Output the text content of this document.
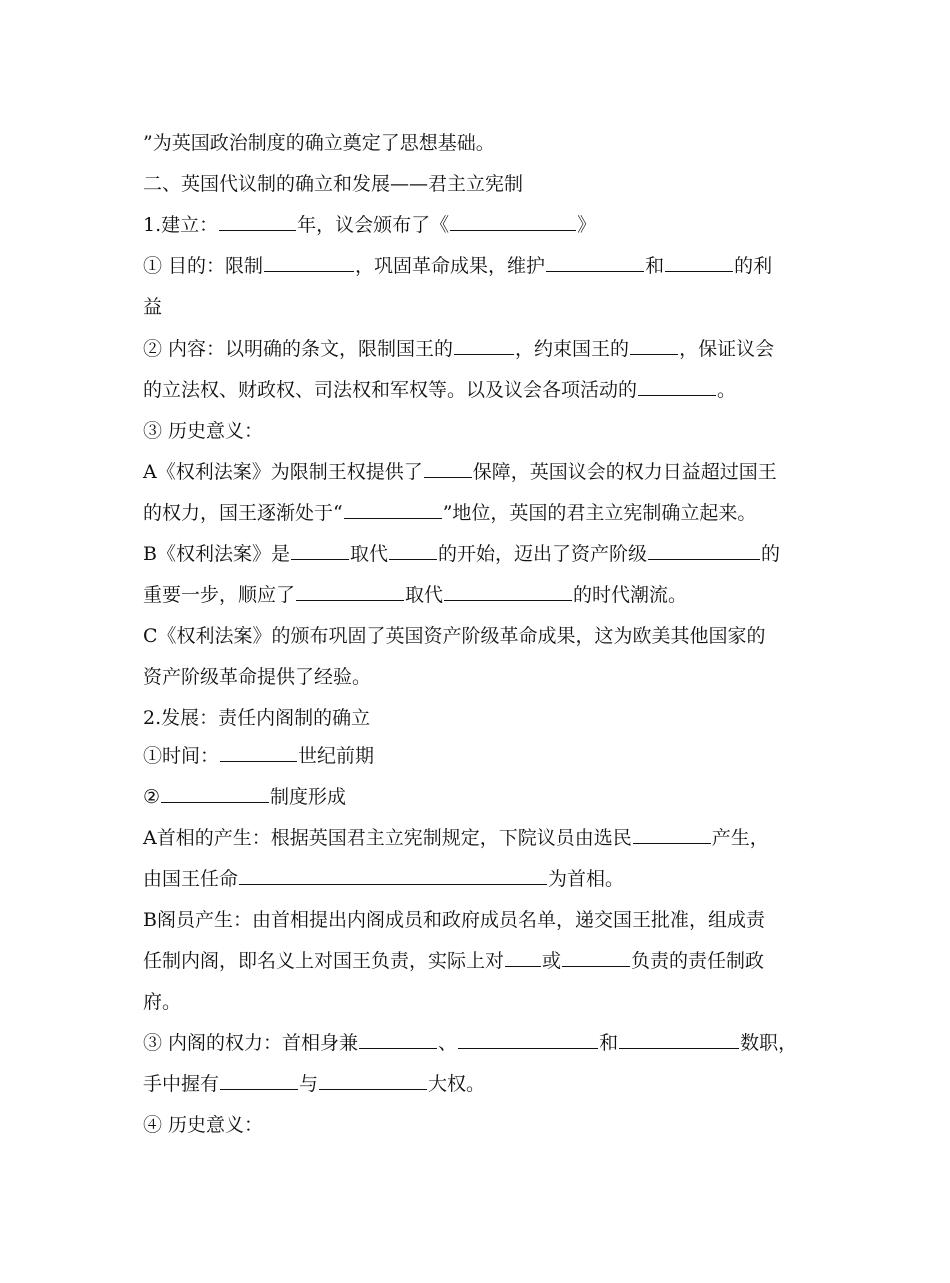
”为英国政治制度的确立奠定了思想基础。
二、英国代议制的确立和发展——君主立宪制
1.建立：	年，议会颁布了《	》
① 目的：限制	，巩固革命成果，维护	和	的利
益
② 内容：以明确的条文，限制国王的	，约束国王的	，保证议会
的立法权、财政权、司法权和军权等。以及议会各项活动的	。
③ 历史意义：
A《权利法案》为限制王权提供了	保障，英国议会的权力日益超过国王
的权力，国王逐渐处于“	”地位，英国的君主立宪制确立起来。
B《权利法案》是	取代	的开始，迈出了资产阶级	的
重要一步，顺应了	取代	的时代潮流。
C《权利法案》的颁布巩固了英国资产阶级革命成果，这为欧美其他国家的
资产阶级革命提供了经验。
2.发展：责任内阁制的确立
①时间：	世纪前期
②	制度形成
A首相的产生：根据英国君主立宪制规定，下院议员由选民	产生，
由国王任命	为首相。
B阁员产生：由首相提出内阁成员和政府成员名单，递交国王批准，组成责
任制内阁，即名义上对国王负责，实际上对 或	负责的责任制政
府。
③ 内阁的权力：首相身兼	、	和	数职，
手中握有	与	大权。
④ 历史意义：
